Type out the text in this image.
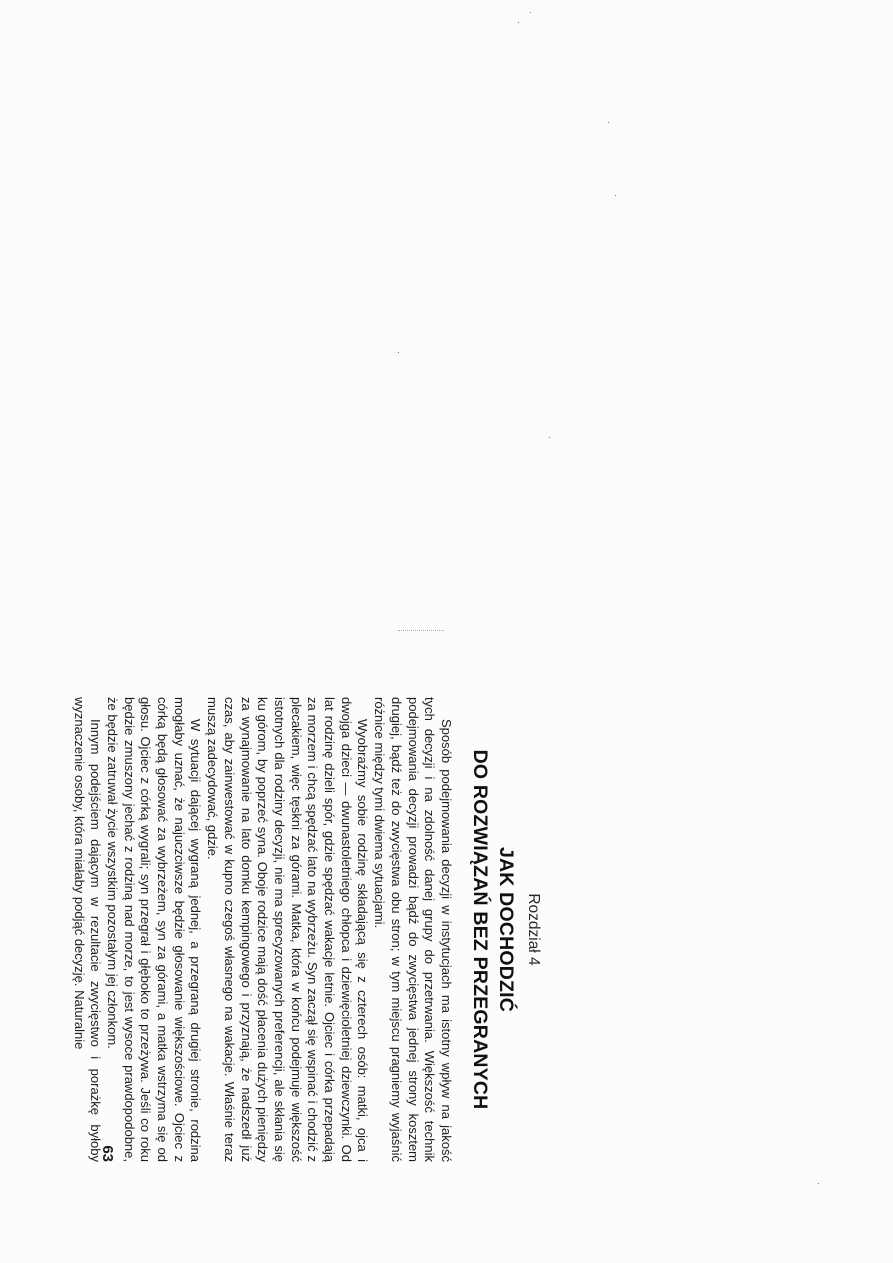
Rozdział 4
JAK DOCHODZIĆ
DO ROZWIĄZAŃ BEZ PRZEGRANYCH

Sposób podejmowania decyzji w instytucjach ma istotny wpływ na jakość tych decyzji i na zdolność danej grupy do przetrwania. Większość technik podejmowania decyzji prowadzi bądź do zwycięstwa jednej strony kosztem drugiej, bądź też do zwycięstwa obu stron; w tym miejscu pragniemy wyjaśnić różnice między tymi dwiema sytuacjami.

Wyobraźmy sobie rodzinę składającą się z czterech osób: matki, ojca i dwojga dzieci — dwunastoletniego chłopca i dziewięcioletniej dziewczynki. Od lat rodzinę dzieli spór, gdzie spędzać wakacje letnie. Ojciec i córka przepadają za morzem i chcą spędzać lato na wybrzeżu. Syn zaczął się wspinać i chodzić z plecakiem, więc tęskni za górami. Matka, która w końcu podejmuje większość istotnych dla rodziny decyzji, nie ma sprecyzowanych preferencji, ale skłania się ku górom, by poprzeć syna. Oboje rodzice mają dość płacenia dużych pieniędzy za wynajmowanie na lato domku kempingowego i przyznają, że nadszedł już czas, aby zainwestować w kupno czegoś własnego na wakacje. Właśnie teraz muszą zadecydować, gdzie.

W sytuacji dającej wygraną jednej, a przegraną drugiej stronie, rodzina mogłaby uznać, że najuczciwsze będzie głosowanie większościowe. Ojciec z córką będą głosować za wybrzeżem, syn za górami, a matka wstrzyma się od głosu. Ojciec z córką wygrali; syn przegrał i głęboko to przeżywa. Jeśli co roku będzie zmuszony jechać z rodziną nad morze, to jest wysoce prawdopodobne, że będzie zatruwał życie wszystkim pozostałym jej członkom.

Innym podejściem dającym w rezultacie zwycięstwo i porażkę byłoby wyznaczenie osoby, która miałaby podjąć decyzję. Naturalnie

63
